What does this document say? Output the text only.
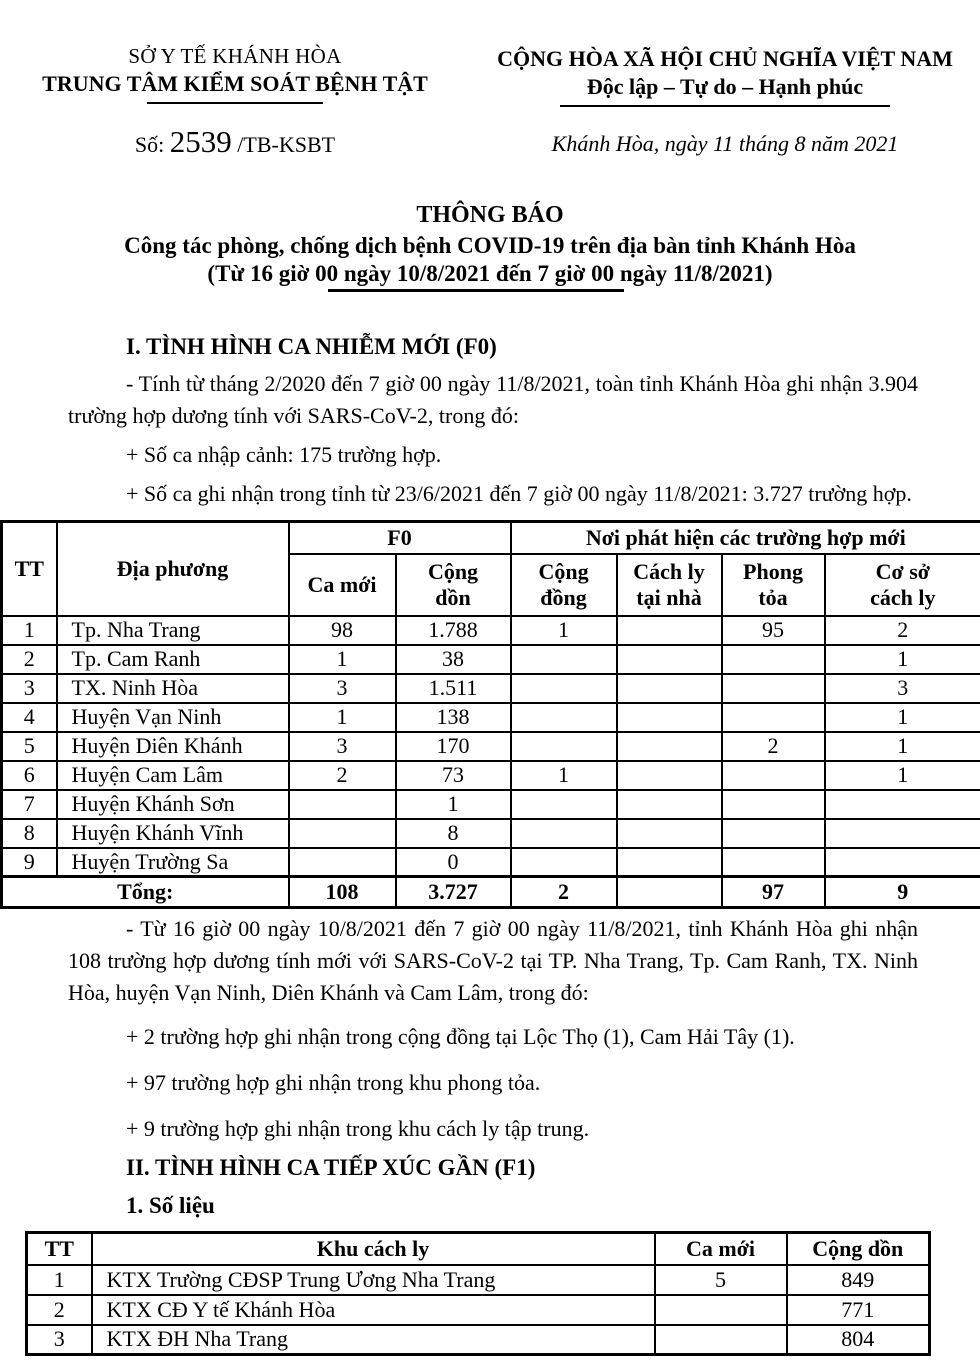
SỞ Y TẾ KHÁNH HÒA
TRUNG TÂM KIỂM SOÁT BỆNH TẬT
Số: 2539 /TB-KSBT
CỘNG HÒA XÃ HỘI CHỦ NGHĨA VIỆT NAM
Độc lập – Tự do – Hạnh phúc
Khánh Hòa, ngày 11 tháng 8 năm 2021
THÔNG BÁO
Công tác phòng, chống dịch bệnh COVID-19 trên địa bàn tỉnh Khánh Hòa
(Từ 16 giờ 00 ngày 10/8/2021 đến 7 giờ 00 ngày 11/8/2021)
I. TÌNH HÌNH CA NHIỄM MỚI (F0)
- Tính từ tháng 2/2020 đến 7 giờ 00 ngày 11/8/2021, toàn tỉnh Khánh Hòa ghi nhận 3.904 trường hợp dương tính với SARS-CoV-2, trong đó:
+ Số ca nhập cảnh: 175 trường hợp.
+ Số ca ghi nhận trong tỉnh từ 23/6/2021 đến 7 giờ 00 ngày 11/8/2021: 3.727 trường hợp.
TT	Địa phương	F0		Nơi phát hiện các trường hợp mới			
		Ca mới	Cộng dồn	Cộng đồng	Cách ly tại nhà	Phong tỏa	Cơ sở cách ly
1	Tp. Nha Trang	98	1.788	1		95	2
2	Tp. Cam Ranh	1	38				1
3	TX. Ninh Hòa	3	1.511				3
4	Huyện Vạn Ninh	1	138				1
5	Huyện Diên Khánh	3	170			2	1
6	Huyện Cam Lâm	2	73	1			1
7	Huyện Khánh Sơn		1				
8	Huyện Khánh Vĩnh		8				
9	Huyện Trường Sa		0				
Tổng:		108	3.727	2		97	9
- Từ 16 giờ 00 ngày 10/8/2021 đến 7 giờ 00 ngày 11/8/2021, tỉnh Khánh Hòa ghi nhận 108 trường hợp dương tính mới với SARS-CoV-2 tại TP. Nha Trang, Tp. Cam Ranh, TX. Ninh Hòa, huyện Vạn Ninh, Diên Khánh và Cam Lâm, trong đó:
+ 2 trường hợp ghi nhận trong cộng đồng tại Lộc Thọ (1), Cam Hải Tây (1).
+ 97 trường hợp ghi nhận trong khu phong tỏa.
+ 9 trường hợp ghi nhận trong khu cách ly tập trung.
II. TÌNH HÌNH CA TIẾP XÚC GẦN (F1)
1. Số liệu
TT	Khu cách ly	Ca mới	Cộng dồn
1	KTX Trường CĐSP Trung Ương Nha Trang	5	849
2	KTX CĐ Y tế Khánh Hòa		771
3	KTX ĐH Nha Trang		804
